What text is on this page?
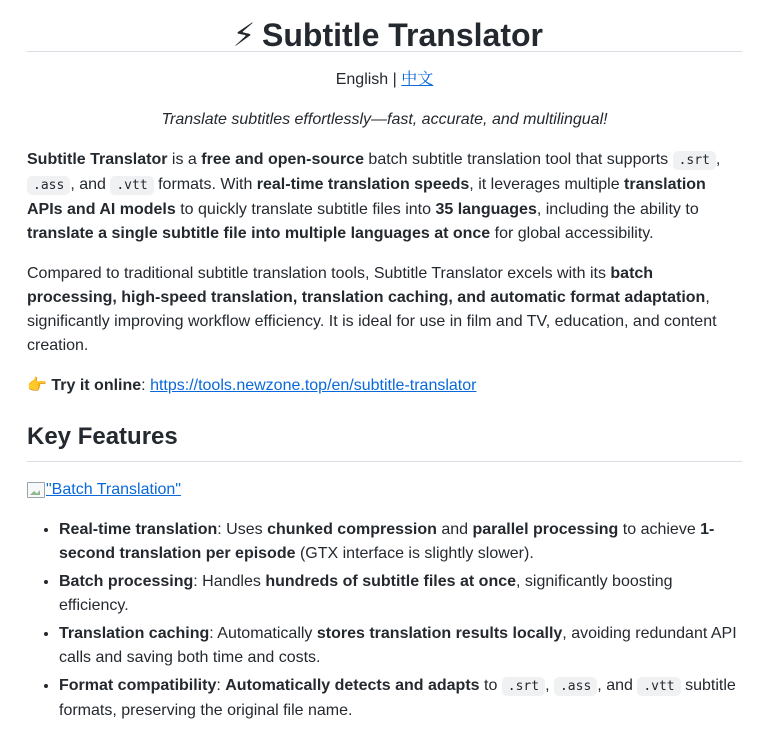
⚡ Subtitle Translator
English | 中文

Translate subtitles effortlessly—fast, accurate, and multilingual!

Subtitle Translator is a free and open-source batch subtitle translation tool that supports .srt , .ass , and .vtt formats. With real-time translation speeds, it leverages multiple translation APIs and AI models to quickly translate subtitle files into 35 languages, including the ability to translate a single subtitle file into multiple languages at once for global accessibility.

Compared to traditional subtitle translation tools, Subtitle Translator excels with its batch processing, high-speed translation, translation caching, and automatic format adaptation, significantly improving workflow efficiency. It is ideal for use in film and TV, education, and content creation.

👉 Try it online: https://tools.newzone.top/en/subtitle-translator

Key Features
"Batch Translation"
• Real-time translation: Uses chunked compression and parallel processing to achieve 1-second translation per episode (GTX interface is slightly slower).
• Batch processing: Handles hundreds of subtitle files at once, significantly boosting efficiency.
• Translation caching: Automatically stores translation results locally, avoiding redundant API calls and saving both time and costs.
• Format compatibility: Automatically detects and adapts to .srt , .ass , and .vtt subtitle formats, preserving the original file name.
